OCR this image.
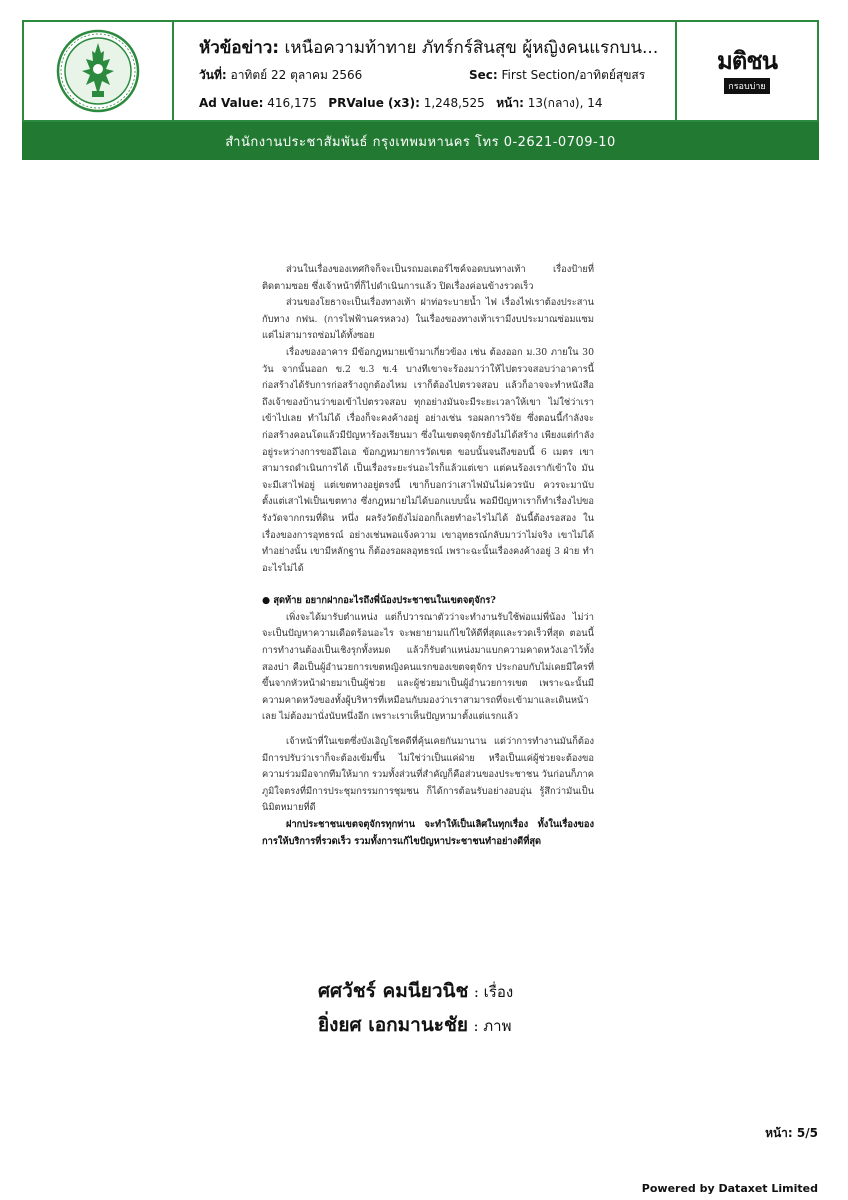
หัวข้อข่าว: เหนือความท้าทาย ภัทร์กร์สินสุข ผู้หญิงคนแรกบน...
วันที่: อาทิตย์ 22 ตุลาคม 2566	Sec: First Section/อาทิตย์สุขสร
Ad Value: 416,175 PRValue (x3): 1,248,525 หน้า: 13(กลาง), 14
มติชน
กรอบบ่าย
สำนักงานประชาสัมพันธ์ กรุงเทพมหานคร โทร 0-2621-0709-10

ส่วนในเรื่องของเทศกิจก็จะเป็นรถมอเตอร์ไซค์จอดบนทางเท้า เรื่องป้ายที่ติดตามซอย ซึ่งเจ้าหน้าที่ก็ไปดำเนินการแล้ว ปิดเรื่องค่อนข้างรวดเร็ว

ส่วนของโยธาจะเป็นเรื่องทางเท้า ฝาท่อระบายน้ำ ไฟ เรื่องไฟเราต้องประสานกับทาง กฟน. (การไฟฟ้านครหลวง) ในเรื่องของทางเท้าเรามีงบประมาณซ่อมแซม แต่ไม่สามารถซ่อมได้ทั้งซอย

เรื่องของอาคาร มีข้อกฎหมายเข้ามาเกี่ยวข้อง เช่น ต้องออก ม.30 ภายใน 30 วัน จากนั้นออก ข.2 ข.3 ข.4 บางทีเขาจะร้องมาว่าให้ไปตรวจสอบว่าอาคารนี้ก่อสร้างได้รับการก่อสร้างถูกต้องไหม เราก็ต้องไปตรวจสอบ แล้วก็อาจจะทำหนังสือถึงเจ้าของบ้านว่าขอเข้าไปตรวจสอบ ทุกอย่างมันจะมีระยะเวลาให้เขา ไม่ใช่ว่าเราเข้าไปเลย ทำไม่ได้ เรื่องก็จะคงค้างอยู่ อย่างเช่น รอผลการวิจัย ซึ่งตอนนี้กำลังจะก่อสร้างคอนโดแล้วมีปัญหาร้องเรียนมา ซึ่งในเขตจตุจักรยังไม่ได้สร้าง เพียงแต่กำลังอยู่ระหว่างการขออีไอเอ ข้อกฎหมายการวัดเขต ขอบนั้นจนถึงขอบนี้ 6 เมตร เขาสามารถดำเนินการได้ เป็นเรื่องระยะร่นอะไรก็แล้วแต่เขา แต่คนร้องเรากัเข้าใจ มันจะมีเสาไฟอยู่ แต่เขตทางอยู่ตรงนี้ เขาก็บอกว่าเสาไฟมันไม่ควรนับ ควรจะมานับตั้งแต่เสาไฟเป็นเขตทาง ซึ่งกฎหมายไม่ได้บอกแบบนั้น พอมีปัญหาเราก็ทำเรื่องไปขอรังวัดจากกรมที่ดิน หนึ่ง ผลรังวัดยังไม่ออกก็เลยทำอะไรไม่ได้ อันนี้ต้องรอสอง ในเรื่องของการอุทธรณ์ อย่างเช่นพอแจ้งความ เขาอุทธรณ์กลับมาว่าไม่จริง เขาไม่ได้ทำอย่างนั้น เขามีหลักฐาน ก็ต้องรอผลอุทธรณ์ เพราะฉะนั้นเรื่องคงค้างอยู่ 3 ฝ่าย ทำอะไรไม่ได้

● สุดท้าย อยากฝากอะไรถึงพี่น้องประชาชนในเขตจตุจักร?

เพิ่งจะได้มารับตำแหน่ง แต่ก็ปวารณาตัวว่าจะทำงานรับใช้พ่อแม่พี่น้อง ไม่ว่าจะเป็นปัญหาความเดือดร้อนอะไร จะพยายามแก้ไขให้ดีที่สุดและรวดเร็วที่สุด ตอนนี้การทำงานต้องเป็นเชิงรุกทั้งหมด แล้วก็รับตำแหน่งมาแบกความคาดหวังเอาไว้ทั้งสองบ่า คือเป็นผู้อำนวยการเขตหญิงคนแรกของเขตจตุจักร ประกอบกับไม่เคยมีใครที่ขึ้นจากหัวหน้าฝ่ายมาเป็นผู้ช่วย และผู้ช่วยมาเป็นผู้อำนวยการเขต เพราะฉะนั้นมีความคาดหวังของทั้งผู้บริหารที่เหมือนกับมองว่าเราสามารถที่จะเข้ามาและเดินหน้าเลย ไม่ต้องมานั่งนับหนึ่งอีก เพราะเราเห็นปัญหามาตั้งแต่แรกแล้ว

เจ้าหน้าที่ในเขตซึ่งบังเอิญโชคดีที่คุ้นเคยกันมานาน แต่ว่าการทำงานมันก็ต้องมีการปรับว่าเราก็จะต้องเข้มขึ้น ไม่ใช่ว่าเป็นแค่ฝ่าย หรือเป็นแค่ผู้ช่วยจะต้องขอความร่วมมือจากทีมให้มาก รวมทั้งส่วนที่สำคัญก็คือส่วนของประชาชน วันก่อนก็ภาคภูมิใจตรงที่มีการประชุมกรรมการชุมชน ก็ได้การต้อนรับอย่างอบอุ่น รู้สึกว่ามันเป็นนิมิตหมายที่ดี

ฝากประชาชนเขตจตุจักรทุกท่าน จะทำให้เป็นเลิศในทุกเรื่อง ทั้งในเรื่องของการให้บริการที่รวดเร็ว รวมทั้งการแก้ไขปัญหาประชาชนทำอย่างดีที่สุด

ศศวัชร์ คมนียวนิช : เรื่อง
ยิ่งยศ เอกมานะชัย : ภาพ
หน้า: 5/5
Powered by Dataxet Limited
